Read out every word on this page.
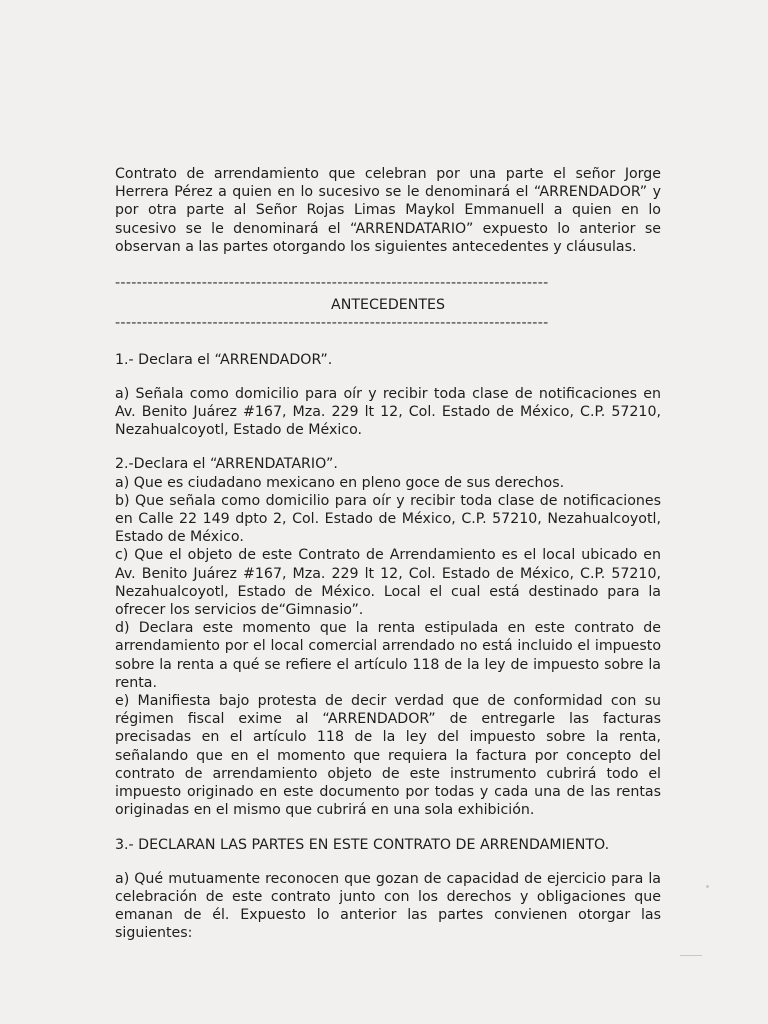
Contrato de arrendamiento que celebran por una parte el señor Jorge Herrera Pérez a quien en lo sucesivo se le denominará el “ARRENDADOR” y por otra parte al Señor Rojas Limas Maykol Emmanuell a quien en lo sucesivo se le denominará el “ARRENDATARIO” expuesto lo anterior se observan a las partes otorgando los siguientes antecedentes y cláusulas.

--------------------------------------------------------------------------------

ANTECEDENTES

--------------------------------------------------------------------------------

1.- Declara el “ARRENDADOR”.

a) Señala como domicilio para oír y recibir toda clase de notificaciones en Av. Benito Juárez #167, Mza. 229 lt 12, Col. Estado de México, C.P. 57210, Nezahualcoyotl, Estado de México.

2.-Declara el “ARRENDATARIO”.

a) Que es ciudadano mexicano en pleno goce de sus derechos.

b) Que señala como domicilio para oír y recibir toda clase de notificaciones en Calle 22 149 dpto 2, Col. Estado de México, C.P. 57210, Nezahualcoyotl, Estado de México.

c) Que el objeto de este Contrato de Arrendamiento es el local ubicado en Av. Benito Juárez #167, Mza. 229 lt 12, Col. Estado de México, C.P. 57210, Nezahualcoyotl, Estado de México. Local el cual está destinado para la ofrecer los servicios de“Gimnasio”.

d) Declara este momento que la renta estipulada en este contrato de arrendamiento por el local comercial arrendado no está incluido el impuesto sobre la renta a qué se refiere el artículo 118 de la ley de impuesto sobre la renta.

e) Manifiesta bajo protesta de decir verdad que de conformidad con su régimen fiscal exime al “ARRENDADOR” de entregarle las facturas precisadas en el artículo 118 de la ley del impuesto sobre la renta, señalando que en el momento que requiera la factura por concepto del contrato de arrendamiento objeto de este instrumento cubrirá todo el impuesto originado en este documento por todas y cada una de las rentas originadas en el mismo que cubrirá en una sola exhibición.

3.- DECLARAN LAS PARTES EN ESTE CONTRATO DE ARRENDAMIENTO.

a) Qué mutuamente reconocen que gozan de capacidad de ejercicio para la celebración de este contrato junto con los derechos y obligaciones que emanan de él. Expuesto lo anterior las partes convienen otorgar las siguientes:
